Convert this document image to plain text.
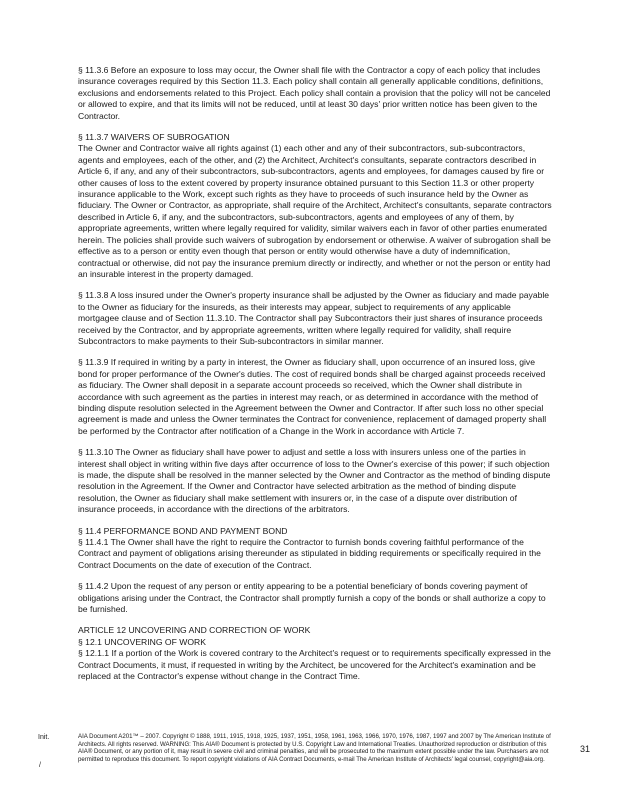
§ 11.3.6 Before an exposure to loss may occur, the Owner shall file with the Contractor a copy of each policy that includes insurance coverages required by this Section 11.3. Each policy shall contain all generally applicable conditions, definitions, exclusions and endorsements related to this Project. Each policy shall contain a provision that the policy will not be canceled or allowed to expire, and that its limits will not be reduced, until at least 30 days' prior written notice has been given to the Contractor.

§ 11.3.7 WAIVERS OF SUBROGATION

The Owner and Contractor waive all rights against (1) each other and any of their subcontractors, sub-subcontractors, agents and employees, each of the other, and (2) the Architect, Architect's consultants, separate contractors described in Article 6, if any, and any of their subcontractors, sub-subcontractors, agents and employees, for damages caused by fire or other causes of loss to the extent covered by property insurance obtained pursuant to this Section 11.3 or other property insurance applicable to the Work, except such rights as they have to proceeds of such insurance held by the Owner as fiduciary. The Owner or Contractor, as appropriate, shall require of the Architect, Architect's consultants, separate contractors described in Article 6, if any, and the subcontractors, sub-subcontractors, agents and employees of any of them, by appropriate agreements, written where legally required for validity, similar waivers each in favor of other parties enumerated herein. The policies shall provide such waivers of subrogation by endorsement or otherwise. A waiver of subrogation shall be effective as to a person or entity even though that person or entity would otherwise have a duty of indemnification, contractual or otherwise, did not pay the insurance premium directly or indirectly, and whether or not the person or entity had an insurable interest in the property damaged.

§ 11.3.8 A loss insured under the Owner's property insurance shall be adjusted by the Owner as fiduciary and made payable to the Owner as fiduciary for the insureds, as their interests may appear, subject to requirements of any applicable mortgagee clause and of Section 11.3.10. The Contractor shall pay Subcontractors their just shares of insurance proceeds received by the Contractor, and by appropriate agreements, written where legally required for validity, shall require Subcontractors to make payments to their Sub-subcontractors in similar manner.

§ 11.3.9 If required in writing by a party in interest, the Owner as fiduciary shall, upon occurrence of an insured loss, give bond for proper performance of the Owner's duties. The cost of required bonds shall be charged against proceeds received as fiduciary. The Owner shall deposit in a separate account proceeds so received, which the Owner shall distribute in accordance with such agreement as the parties in interest may reach, or as determined in accordance with the method of binding dispute resolution selected in the Agreement between the Owner and Contractor. If after such loss no other special agreement is made and unless the Owner terminates the Contract for convenience, replacement of damaged property shall be performed by the Contractor after notification of a Change in the Work in accordance with Article 7.

§ 11.3.10 The Owner as fiduciary shall have power to adjust and settle a loss with insurers unless one of the parties in interest shall object in writing within five days after occurrence of loss to the Owner's exercise of this power; if such objection is made, the dispute shall be resolved in the manner selected by the Owner and Contractor as the method of binding dispute resolution in the Agreement. If the Owner and Contractor have selected arbitration as the method of binding dispute resolution, the Owner as fiduciary shall make settlement with insurers or, in the case of a dispute over distribution of insurance proceeds, in accordance with the directions of the arbitrators.

§ 11.4 PERFORMANCE BOND AND PAYMENT BOND

§ 11.4.1 The Owner shall have the right to require the Contractor to furnish bonds covering faithful performance of the Contract and payment of obligations arising thereunder as stipulated in bidding requirements or specifically required in the Contract Documents on the date of execution of the Contract.

§ 11.4.2 Upon the request of any person or entity appearing to be a potential beneficiary of bonds covering payment of obligations arising under the Contract, the Contractor shall promptly furnish a copy of the bonds or shall authorize a copy to be furnished.

ARTICLE 12 UNCOVERING AND CORRECTION OF WORK

§ 12.1 UNCOVERING OF WORK

§ 12.1.1 If a portion of the Work is covered contrary to the Architect's request or to requirements specifically expressed in the Contract Documents, it must, if requested in writing by the Architect, be uncovered for the Architect's examination and be replaced at the Contractor's expense without change in the Contract Time.

Init.
/
AIA Document A201™ – 2007. Copyright © 1888, 1911, 1915, 1918, 1925, 1937, 1951, 1958, 1961, 1963, 1966, 1970, 1976, 1987, 1997 and 2007 by The American Institute of Architects. All rights reserved. WARNING: This AIA® Document is protected by U.S. Copyright Law and International Treaties. Unauthorized reproduction or distribution of this AIA® Document, or any portion of it, may result in severe civil and criminal penalties, and will be prosecuted to the maximum extent possible under the law. Purchasers are not permitted to reproduce this document. To report copyright violations of AIA Contract Documents, e-mail The American Institute of Architects' legal counsel, copyright@aia.org.
31
